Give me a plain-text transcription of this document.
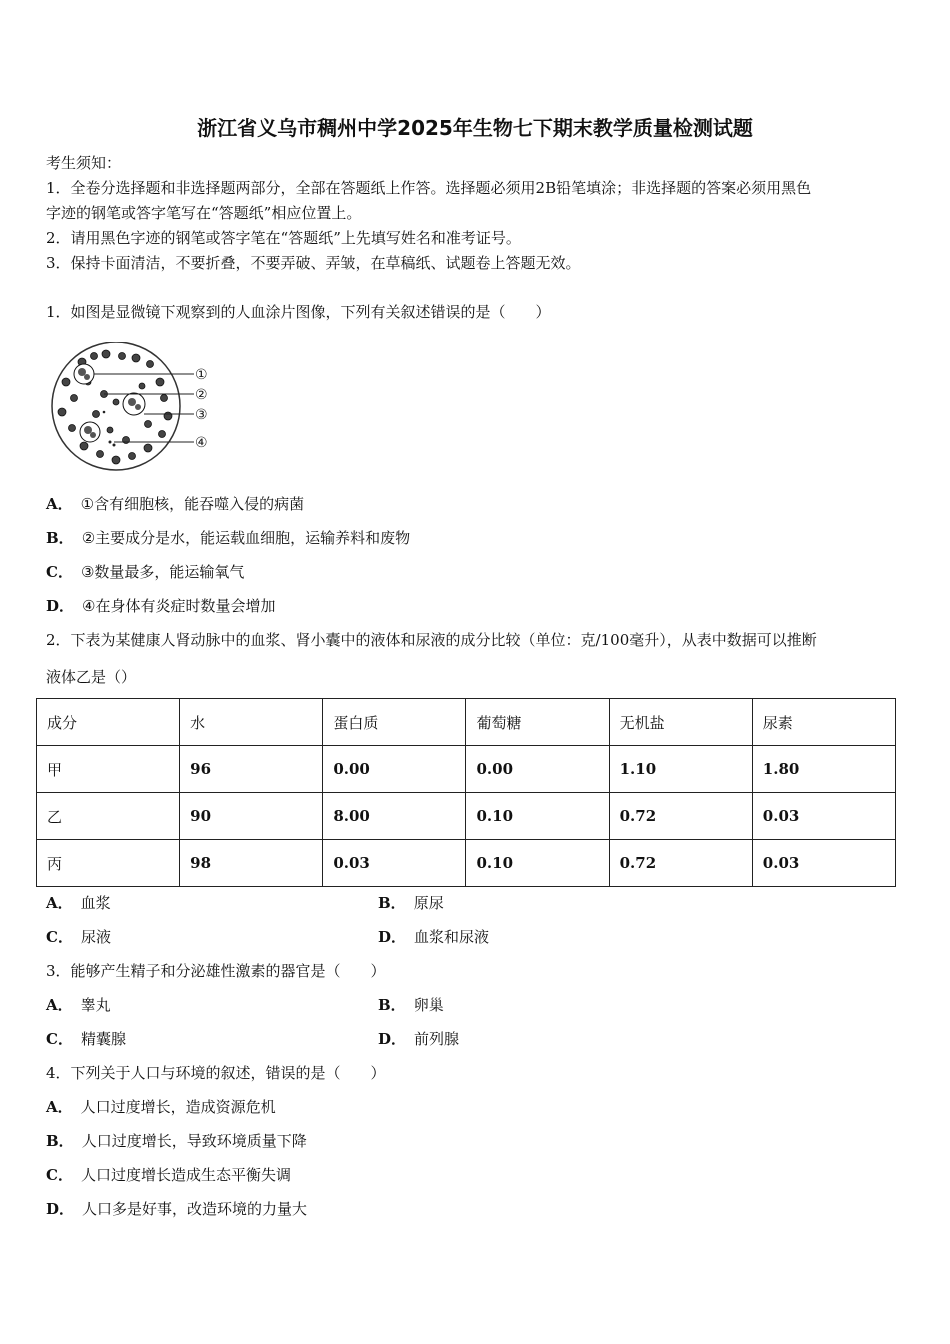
浙江省义乌市稠州中学2025年生物七下期末教学质量检测试题
考生须知：
1．全卷分选择题和非选择题两部分，全部在答题纸上作答。选择题必须用2B铅笔填涂；非选择题的答案必须用黑色
字迹的钢笔或答字笔写在“答题纸”相应位置上。
2．请用黑色字迹的钢笔或答字笔在“答题纸”上先填写姓名和准考证号。
3．保持卡面清洁，不要折叠，不要弄破、弄皱，在草稿纸、试题卷上答题无效。
1．如图是显微镜下观察到的人血涂片图像，下列有关叙述错误的是（　　）
①
②
③
④
A． ①含有细胞核，能吞噬入侵的病菌
B． ②主要成分是水，能运载血细胞，运输养料和废物
C． ③数量最多，能运输氧气
D． ④在身体有炎症时数量会增加
2．下表为某健康人肾动脉中的血浆、肾小囊中的液体和尿液的成分比较（单位：克/100毫升），从表中数据可以推断
液体乙是（）
成分	水	蛋白质	葡萄糖	无机盐	尿素
甲	96	0.00	0.00	1.10	1.80
乙	90	8.00	0.10	0.72	0.03
丙	98	0.03	0.10	0.72	0.03
A． 血浆	B． 原尿
C． 尿液	D． 血浆和尿液
3．能够产生精子和分泌雄性激素的器官是（　　）
A． 睾丸	B． 卵巢
C． 精囊腺	D． 前列腺
4．下列关于人口与环境的叙述，错误的是（　　）
A． 人口过度增长，造成资源危机
B． 人口过度增长，导致环境质量下降
C． 人口过度增长造成生态平衡失调
D． 人口多是好事，改造环境的力量大
